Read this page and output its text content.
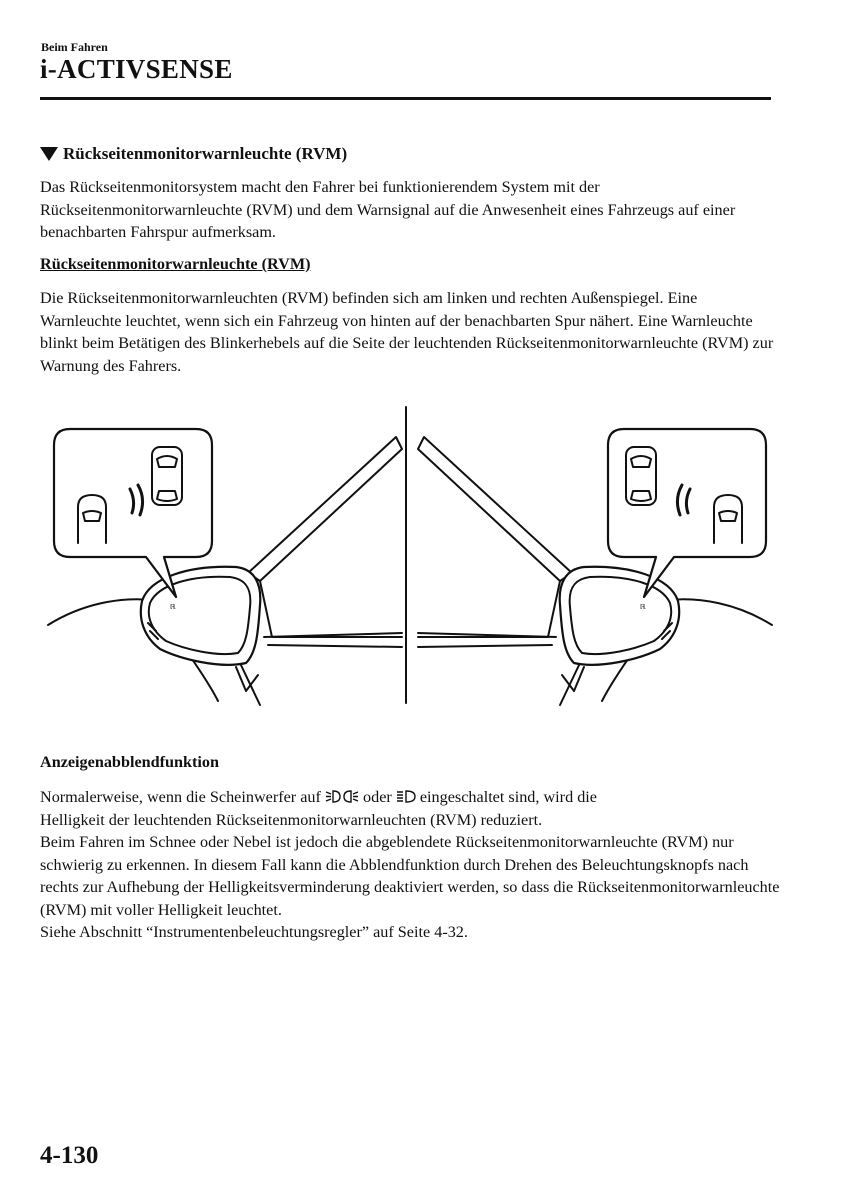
Beim Fahren
i-ACTIVSENSE
Rückseitenmonitorwarnleuchte (RVM)

Das Rückseitenmonitorsystem macht den Fahrer bei funktionierendem System mit der Rückseitenmonitorwarnleuchte (RVM) und dem Warnsignal auf die Anwesenheit eines Fahrzeugs auf einer benachbarten Fahrspur aufmerksam.

Rückseitenmonitorwarnleuchte (RVM)

Die Rückseitenmonitorwarnleuchten (RVM) befinden sich am linken und rechten Außenspiegel. Eine Warnleuchte leuchtet, wenn sich ein Fahrzeug von hinten auf der benachbarten Spur nähert. Eine Warnleuchte blinkt beim Betätigen des Blinkerhebels auf die Seite der leuchtenden Rückseitenmonitorwarnleuchte (RVM) zur Warnung des Fahrers.

ℝ	ℝ
Anzeigenabblendfunktion
Normalerweise, wenn die Scheinwerfer auf  oder  eingeschaltet sind, wird die
Helligkeit der leuchtenden Rückseitenmonitorwarnleuchten (RVM) reduziert.
Beim Fahren im Schnee oder Nebel ist jedoch die abgeblendete Rückseitenmonitorwarnleuchte (RVM) nur schwierig zu erkennen. In diesem Fall kann die Abblendfunktion durch Drehen des Beleuchtungsknopfs nach rechts zur Aufhebung der Helligkeitsverminderung deaktiviert werden, so dass die Rückseitenmonitorwarnleuchte (RVM) mit voller Helligkeit leuchtet.
Siehe Abschnitt “Instrumentenbeleuchtungsregler” auf Seite 4-32.
4-130
